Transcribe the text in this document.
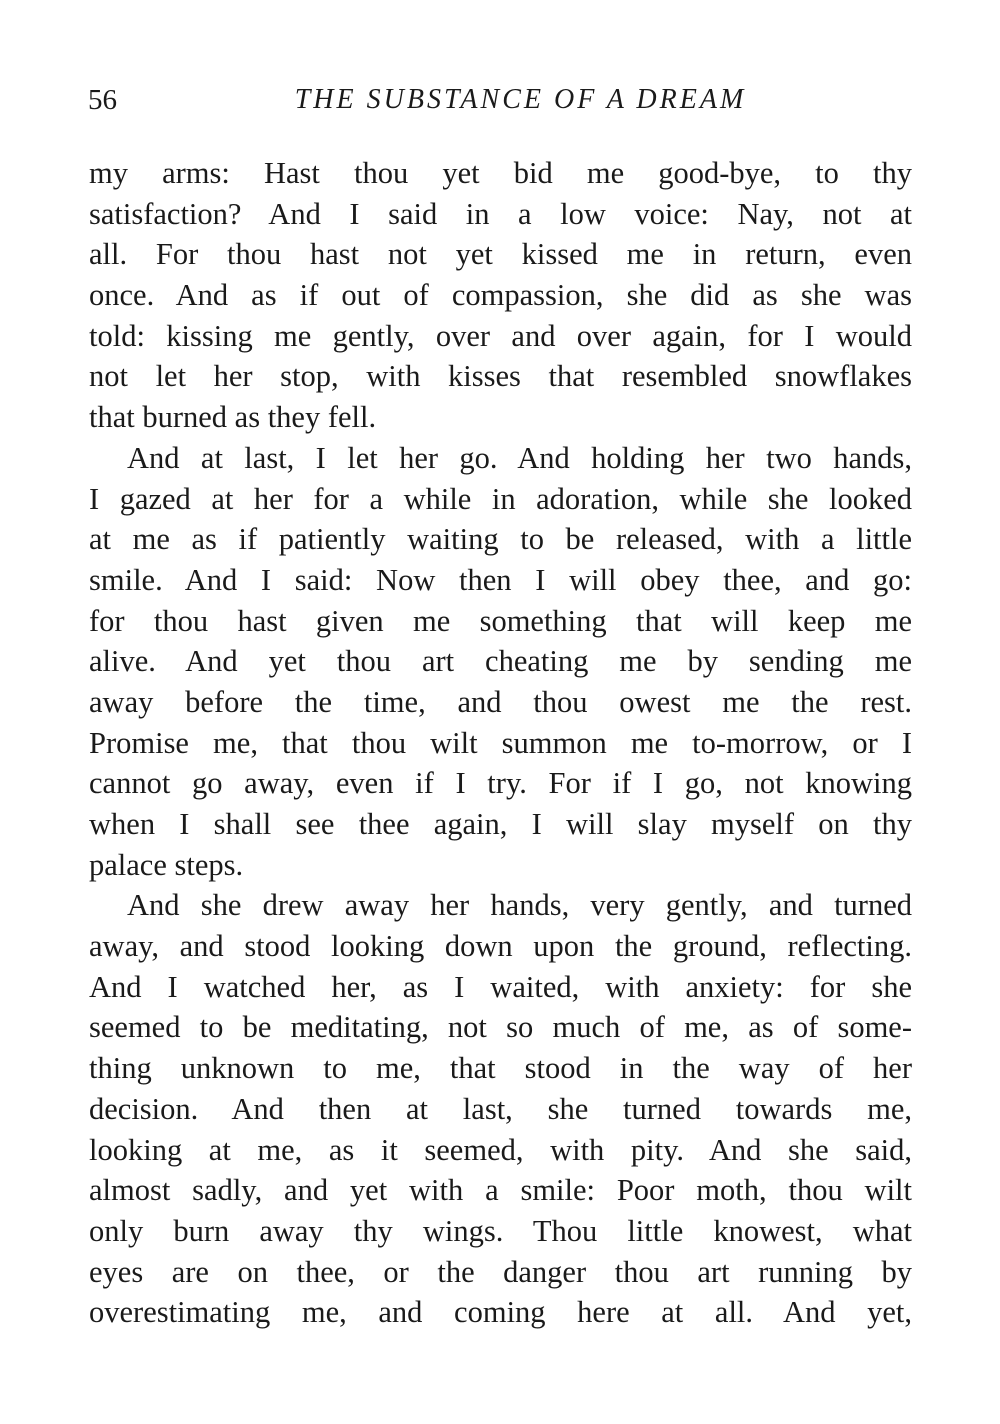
56	THE SUBSTANCE OF A DREAM
my arms: Hast thou yet bid me good-bye, to thy
satisfaction? And I said in a low voice: Nay, not at
all. For thou hast not yet kissed me in return, even
once. And as if out of compassion, she did as she was
told: kissing me gently, over and over again, for I would
not let her stop, with kisses that resembled snowflakes
that burned as they fell.
And at last, I let her go. And holding her two hands,
I gazed at her for a while in adoration, while she looked
at me as if patiently waiting to be released, with a little
smile. And I said: Now then I will obey thee, and go:
for thou hast given me something that will keep me
alive. And yet thou art cheating me by sending me
away before the time, and thou owest me the rest.
Promise me, that thou wilt summon me to-morrow, or I
cannot go away, even if I try. For if I go, not knowing
when I shall see thee again, I will slay myself on thy
palace steps.
And she drew away her hands, very gently, and turned
away, and stood looking down upon the ground, reflecting.
And I watched her, as I waited, with anxiety: for she
seemed to be meditating, not so much of me, as of some-
thing unknown to me, that stood in the way of her
decision. And then at last, she turned towards me,
looking at me, as it seemed, with pity. And she said,
almost sadly, and yet with a smile: Poor moth, thou wilt
only burn away thy wings. Thou little knowest, what
eyes are on thee, or the danger thou art running by
overestimating me, and coming here at all. And yet,
